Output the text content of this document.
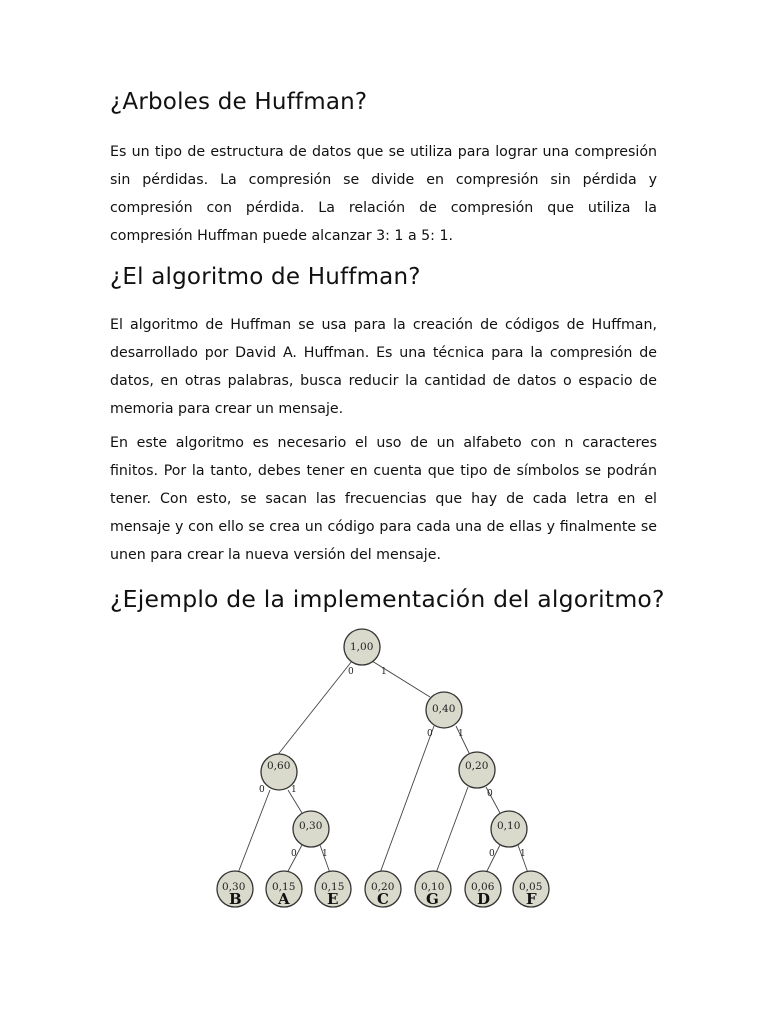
¿Arboles de Huffman?

Es un tipo de estructura de datos que se utiliza para lograr una compresión sin pérdidas. La compresión se divide en compresión sin pérdida y compresión con pérdida. La relación de compresión que utiliza la compresión Huffman puede alcanzar 3: 1 a 5: 1.

¿El algoritmo de Huffman?

El algoritmo de Huffman se usa para la creación de códigos de Huffman, desarrollado por David A. Huffman. Es una técnica para la compresión de datos, en otras palabras, busca reducir la cantidad de datos o espacio de memoria para crear un mensaje.

En este algoritmo es necesario el uso de un alfabeto con n caracteres finitos. Por la tanto, debes tener en cuenta que tipo de símbolos se podrán tener. Con esto, se sacan las frecuencias que hay de cada letra en el mensaje y con ello se crea un código para cada una de ellas y finalmente se unen para crear la nueva versión del mensaje.

¿Ejemplo de la implementación del algoritmo?
0	1
0	1
0	1	0
0	1	0	1
1,00
0,40
0,60	0,20
0,30	0,10
0,30
B
0,15
A
0,15
E
0,20
C
0,10
G
0,06
D
0,05
F
